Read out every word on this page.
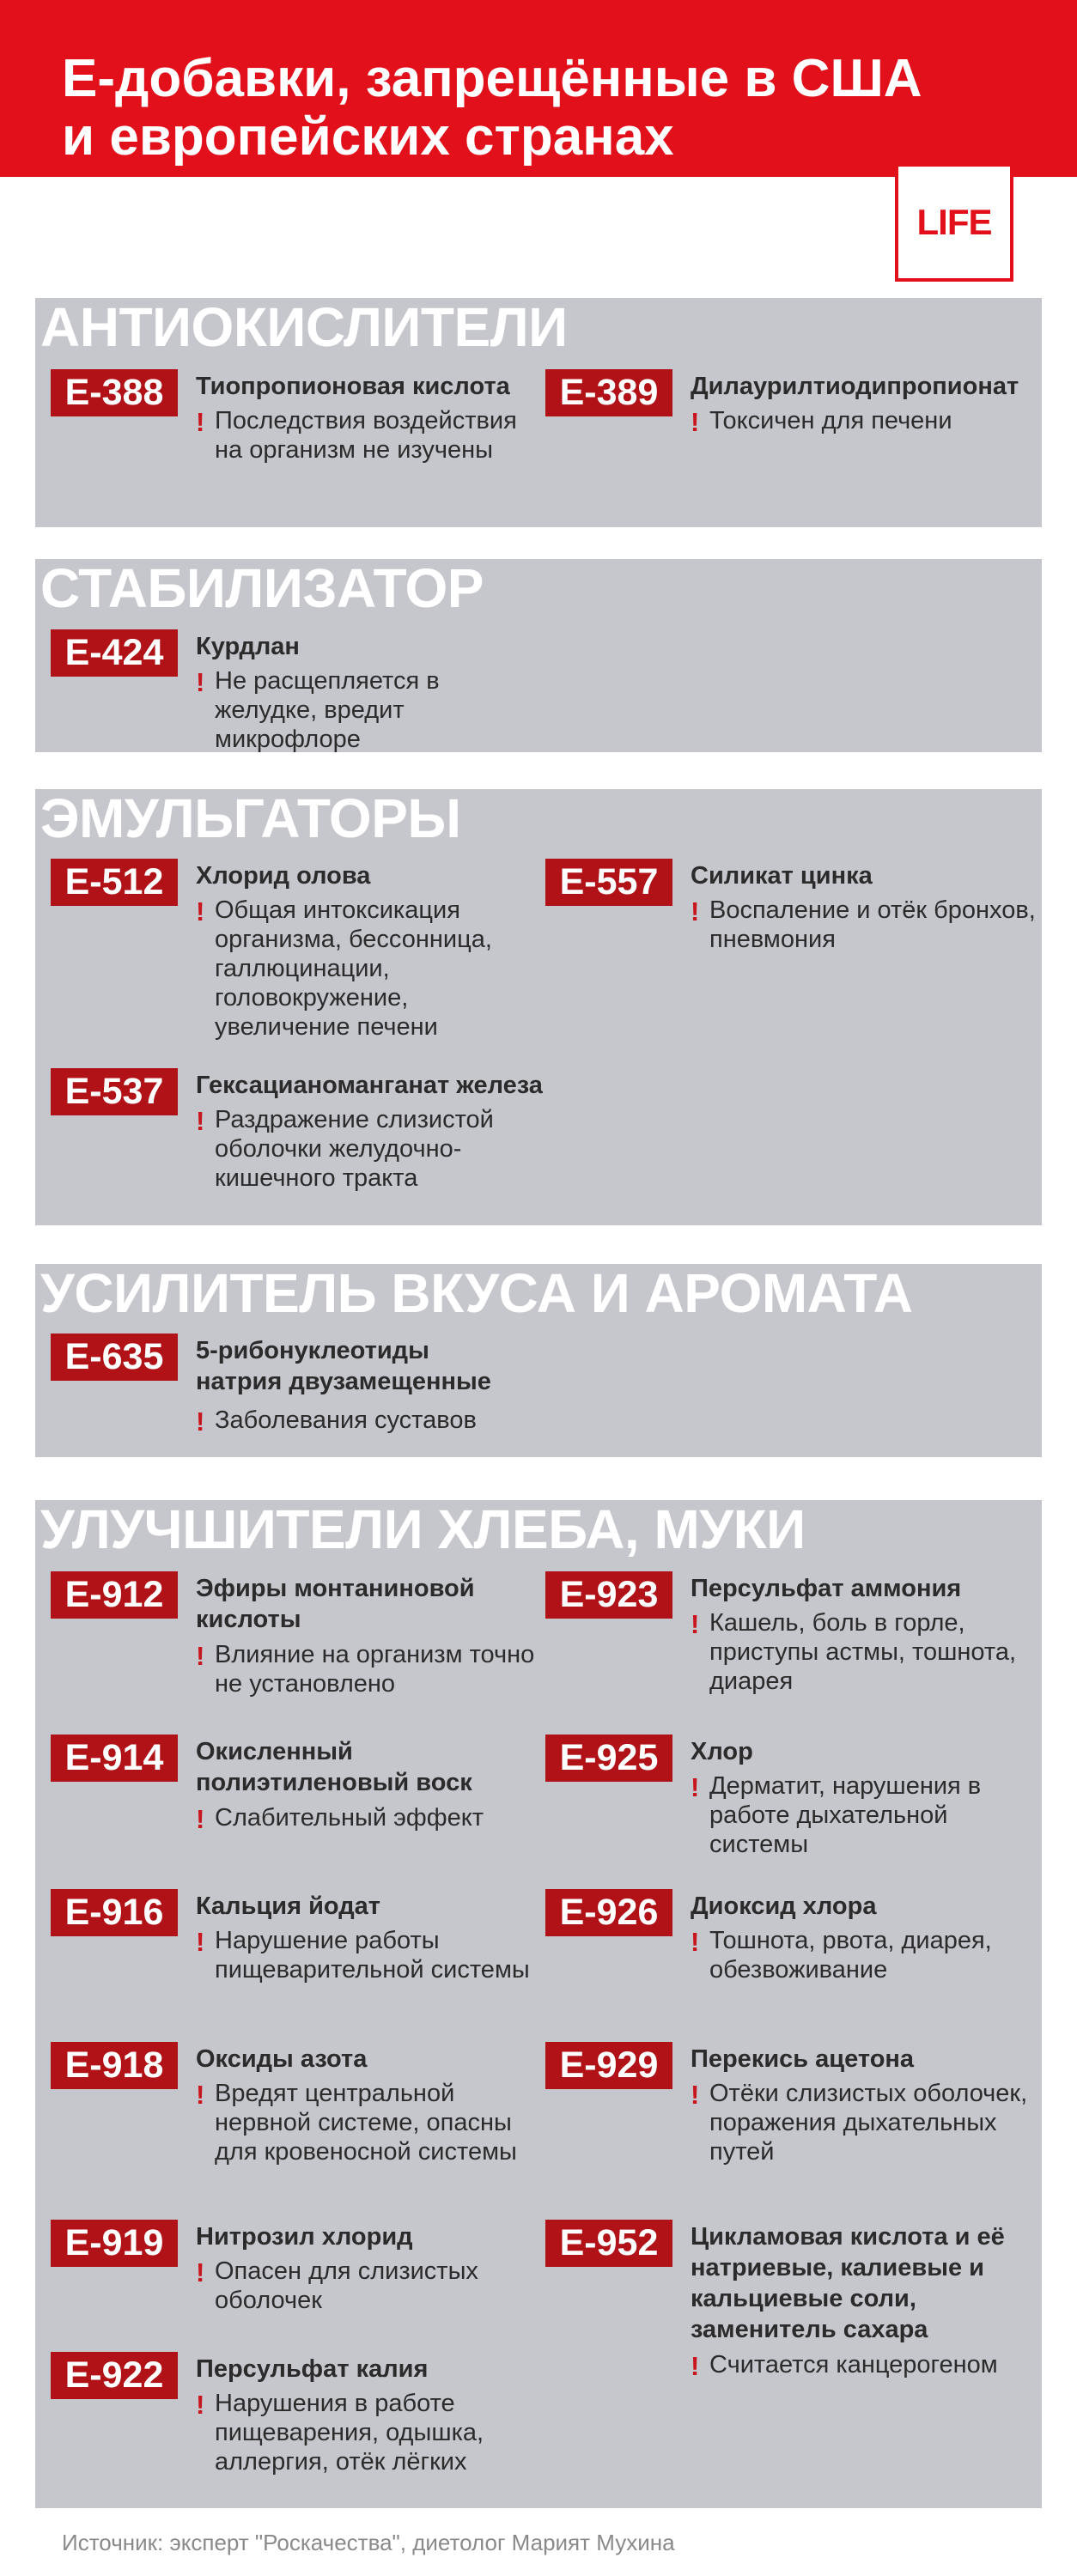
Е-добавки, запрещённые в США
и европейских странах
LIFE
АНТИОКИСЛИТЕЛИ
E-388	Тиопропионовая кислота
! Последствия воздействия на организм не изучены
E-389	Дилаурилтиодипропионат
! Токсичен для печени
СТАБИЛИЗАТОР
E-424	Курдлан
! Не расщепляется в желудке, вредит микрофлоре
ЭМУЛЬГАТОРЫ
E-512	Хлорид олова
! Общая интоксикация организма, бессонница, галлюцинации, головокружение, увеличение печени
E-557	Силикат цинка
! Воспаление и отёк бронхов, пневмония
E-537	Гексацианоманганат железа
! Раздражение слизистой оболочки желудочно-кишечного тракта
УСИЛИТЕЛЬ ВКУСА И АРОМАТА
E-635	5-рибонуклеотиды натрия двузамещенные
! Заболевания суставов
УЛУЧШИТЕЛИ ХЛЕБА, МУКИ
E-912	Эфиры монтаниновой кислоты
! Влияние на организм точно не установлено
E-923	Персульфат аммония
! Кашель, боль в горле, приступы астмы, тошнота, диарея
E-914	Окисленный полиэтиленовый воск
! Слабительный эффект
E-925	Хлор
! Дерматит, нарушения в работе дыхательной системы
E-916	Кальция йодат
! Нарушение работы пищеварительной системы
E-926	Диоксид хлора
! Тошнота, рвота, диарея, обезвоживание
E-918	Оксиды азота
! Вредят центральной нервной системе, опасны для кровеносной системы
E-929	Перекись ацетона
! Отёки слизистых оболочек, поражения дыхательных путей
E-919	Нитрозил хлорид
! Опасен для слизистых оболочек
E-952	Цикламовая кислота и её натриевые, калиевые и кальциевые соли, заменитель сахара
! Считается канцерогеном
E-922	Персульфат калия
! Нарушения в работе пищеварения, одышка, аллергия, отёк лёгких
Источник: эксперт "Роскачества", диетолог Марият Мухина
